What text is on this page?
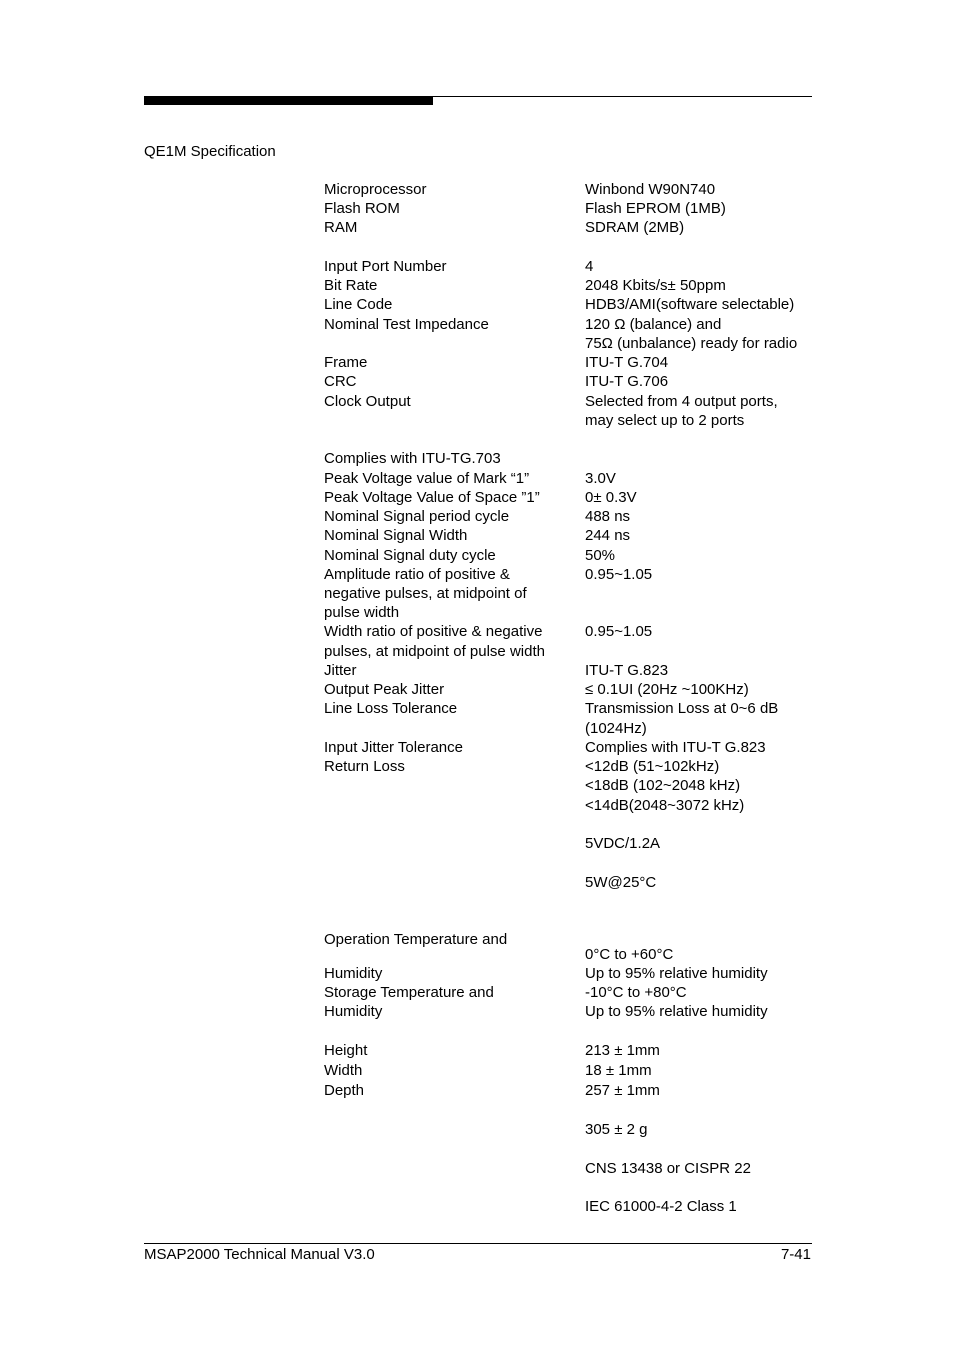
QE1M Specification
Microprocessor
Flash ROM
RAM
Input Port Number
Bit Rate
Line Code
Nominal Test Impedance
Frame
CRC
Clock Output
Complies with ITU-TG.703
Peak Voltage value of Mark “1”
Peak Voltage Value of Space ”1”
Nominal Signal period cycle
Nominal Signal Width
Nominal Signal duty cycle
Amplitude ratio of positive &
negative pulses, at midpoint of
pulse width
Width ratio of positive & negative
pulses, at midpoint of pulse width
Jitter
Output Peak Jitter
Line Loss Tolerance
Input Jitter Tolerance
Return Loss
Operation Temperature and
Humidity
Storage Temperature and
Humidity
Height
Width
Depth
Winbond W90N740
Flash EPROM (1MB)
SDRAM (2MB)
4
2048 Kbits/s± 50ppm
HDB3/AMI(software selectable)
120 Ω (balance) and
75Ω (unbalance) ready for radio
ITU-T G.704
ITU-T G.706
Selected from 4 output ports,
may select up to 2 ports
3.0V
0± 0.3V
488 ns
244 ns
50%
0.95~1.05
0.95~1.05
ITU-T G.823
≤ 0.1UI (20Hz ~100KHz)
Transmission Loss at 0~6 dB
(1024Hz)
Complies with ITU-T G.823
<12dB (51~102kHz)
<18dB (102~2048 kHz)
<14dB(2048~3072 kHz)
5VDC/1.2A
5W@25°C
0°C to +60°C
Up to 95% relative humidity
-10°C to +80°C
Up to 95% relative humidity
213 ± 1mm
18 ± 1mm
257 ± 1mm
305 ± 2 g
CNS 13438 or CISPR 22
IEC 61000-4-2 Class 1
MSAP2000 Technical Manual V3.0	7-41
